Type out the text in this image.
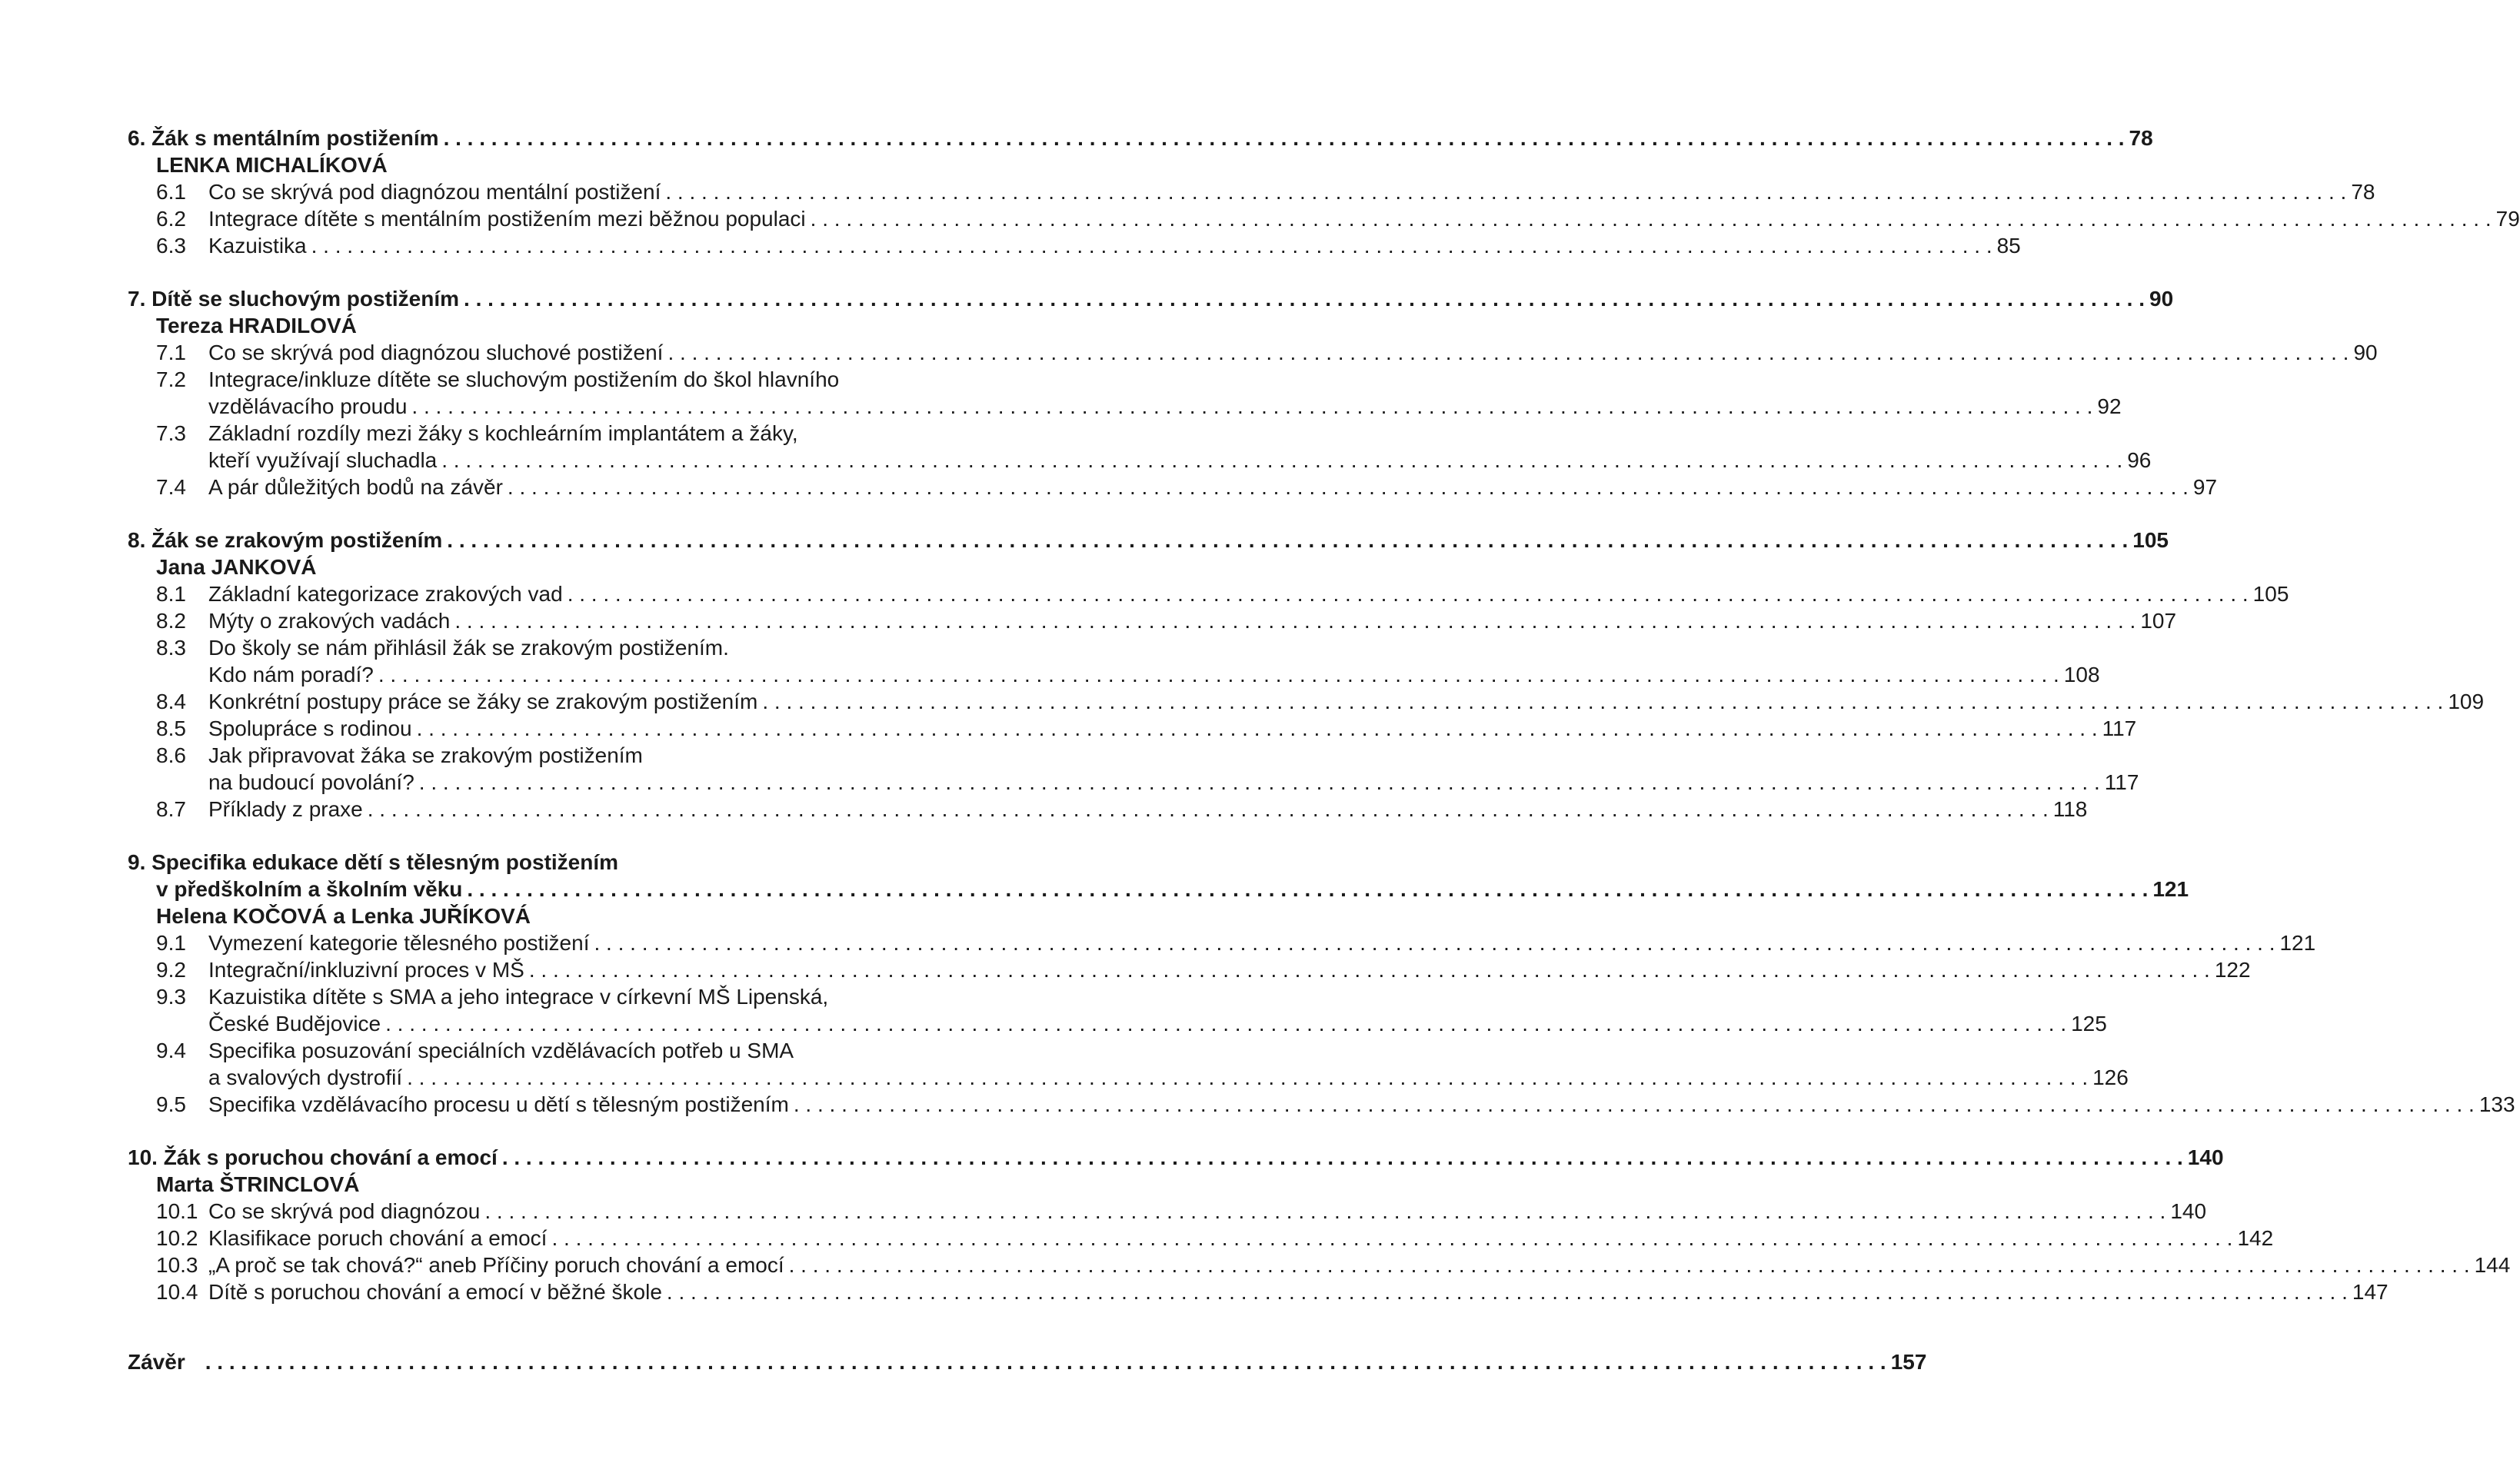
6. Žák s mentálním postižením . . .	78
LENKA MICHALÍKOVÁ
6.1	Co se skrývá pod diagnózou mentální postižení . . .	78
6.2	Integrace dítěte s mentálním postižením mezi běžnou populaci . . .	79
6.3	Kazuistika . . .	85
7. Dítě se sluchovým postižením . . .	90
Tereza HRADILOVÁ
7.1	Co se skrývá pod diagnózou sluchové postižení . . .	90
7.2	Integrace/inkluze dítěte se sluchovým postižením do škol hlavního
vzdělávacího proudu . . .	92
7.3	Základní rozdíly mezi žáky s kochleárním implantátem a žáky,
kteří využívají sluchadla . . .	96
7.4	A pár důležitých bodů na závěr . . .	97
8. Žák se zrakovým postižením . . .	105
Jana JANKOVÁ
8.1	Základní kategorizace zrakových vad . . .	105
8.2	Mýty o zrakových vadách . . .	107
8.3	Do školy se nám přihlásil žák se zrakovým postižením.
Kdo nám poradí? . . .	108
8.4	Konkrétní postupy práce se žáky se zrakovým postižením . . .	109
8.5	Spolupráce s rodinou . . .	117
8.6	Jak připravovat žáka se zrakovým postižením
na budoucí povolání? . . .	117
8.7	Příklady z praxe . . .	118
9. Specifika edukace dětí s tělesným postižením
v předškolním a školním věku . . .	121
Helena KOČOVÁ a Lenka JUŘÍKOVÁ
9.1	Vymezení kategorie tělesného postižení . . .	121
9.2	Integrační/inkluzivní proces v MŠ . . .	122
9.3	Kazuistika dítěte s SMA a jeho integrace v církevní MŠ Lipenská,
České Budějovice . . .	125
9.4	Specifika posuzování speciálních vzdělávacích potřeb u SMA
a svalových dystrofií . . .	126
9.5	Specifika vzdělávacího procesu u dětí s tělesným postižením . . .	133
10. Žák s poruchou chování a emocí . . .	140
Marta ŠTRINCLOVÁ
10.1 Co se skrývá pod diagnózou . . .	140
10.2 Klasifikace poruch chování a emocí . . .	142
10.3 „A proč se tak chová?“ aneb Příčiny poruch chování a emocí . . .	144
10.4 Dítě s poruchou chování a emocí v běžné škole . . .	147
Závěr . . .	157
